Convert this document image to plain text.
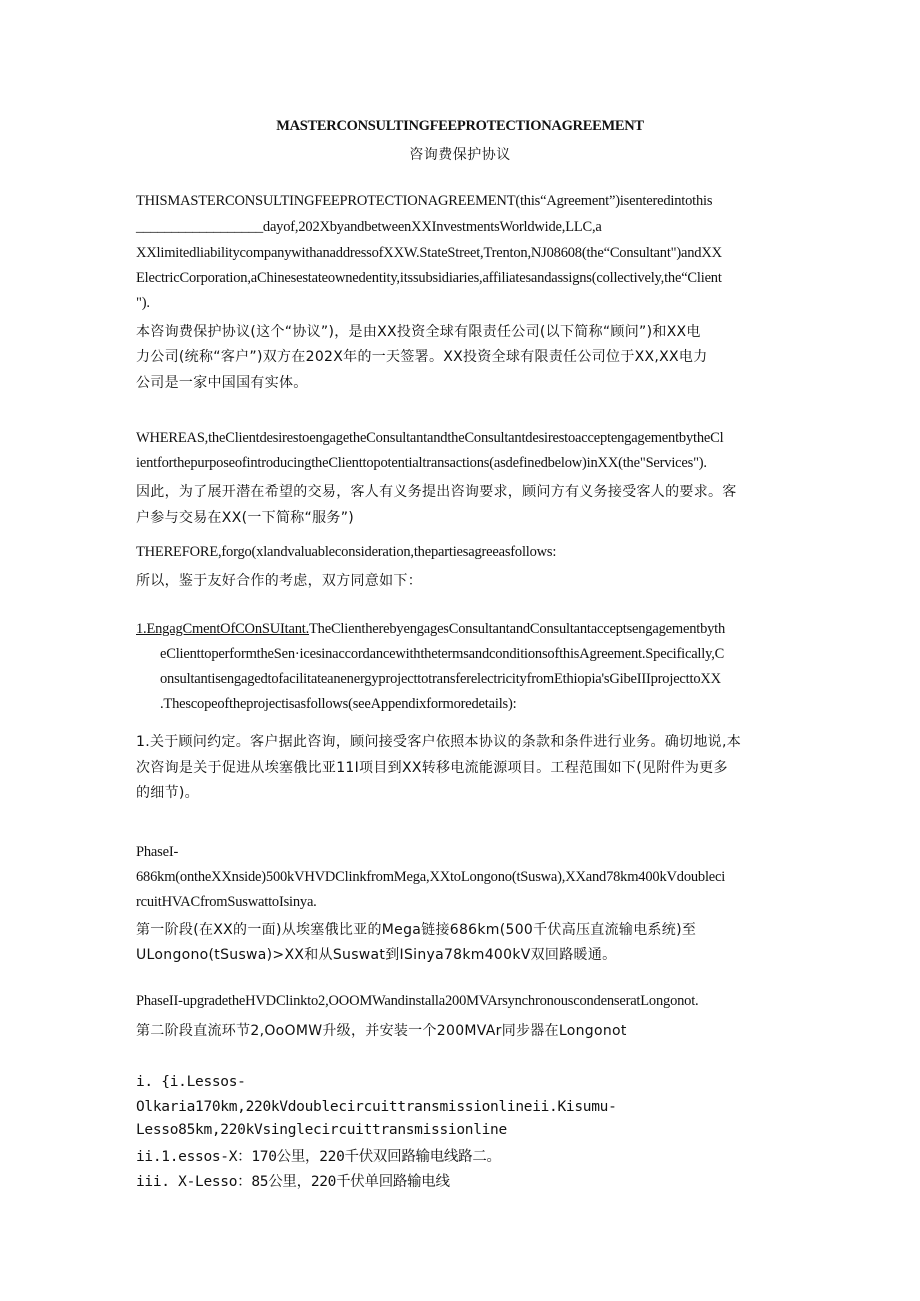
MASTERCONSULTINGFEEPROTECTIONAGREEMENT
咨询费保护协议
THISMASTERCONSULTINGFEEPROTECTIONAGREEMENT(this“Agreement”)isenteredintothis
__________________dayof,202XbyandbetweenXXInvestmentsWorldwide,LLC,a
XXlimitedliabilitycompanywithanaddressofXXW.StateStreet,Trenton,NJ08608(the“Consultant")andXX
ElectricCorporation,aChinesestateownedentity,itssubsidiaries,affiliatesandassigns(collectively,the“Client
").
本咨询费保护协议(这个“协议”)，是由XX投资全球有限责任公司(以下简称“顾问”)和XX电
力公司(统称“客户”)双方在202X年的一天签署。XX投资全球有限责任公司位于XX,XX电力
公司是一家中国国有实体。
WHEREAS,theClientdesirestoengagetheConsultantandtheConsultantdesirestoacceptengagementbytheCl
ientforthepurposeofintroducingtheClienttopotentialtransactions(asdefinedbelow)inXX(the"Services").
因此，为了展开潜在希望的交易，客人有义务提出咨询要求，顾问方有义务接受客人的要求。客
户参与交易在XX(一下简称“服务”)
THEREFORE,forgo(xlandvaluableconsideration,thepartiesagreeasfollows:
所以，鉴于友好合作的考虑，双方同意如下：
1.EngagCmentOfCOnSUItant.TheClientherebyengagesConsultantandConsultantacceptsengagementbyth
eClienttoperformtheSen·icesinaccordancewiththetermsandconditionsofthisAgreement.Specifically,C
onsultantisengagedtofacilitateanenergyprojecttotransferelectricityfromEthiopia'sGibeIIIprojecttoXX
.Thescopeoftheprojectisasfollows(seeAppendixformoredetails):
1.关于顾问约定。客户据此咨询，顾问接受客户依照本协议的条款和条件进行业务。确切地说,本
次咨询是关于促进从埃塞俄比亚11I项目到XX转移电流能源项目。工程范围如下(见附件为更多
的细节)。
PhaseI-
686km(ontheXXnside)500kVHVDClinkfromMega,XXtoLongono(tSuswa),XXand78km400kVdoubleci
rcuitHVACfromSuswattoIsinya.
第一阶段(在XX的一面)从埃塞俄比亚的Mega链接686km(500千伏高压直流输电系统)至
ULongono(tSuswa)>XX和从Suswat到ISinya78km400kV双回路暖通。
PhaseII-upgradetheHVDClinkto2,OOOMWandinstalla200MVArsynchronouscondenseratLongonot.
第二阶段直流环节2,OoOMW升级，并安装一个200MVAr同步器在Longonot
i. {i.Lessos-
Olkaria170km,220kVdoublecircuittransmissionlineii.Kisumu-
Lesso85km,220kVsinglecircuittransmissionline
ii.1.essos-X：170公里，220千伏双回路输电线路二。
iii. X-Lesso：85公里，220千伏单回路输电线
